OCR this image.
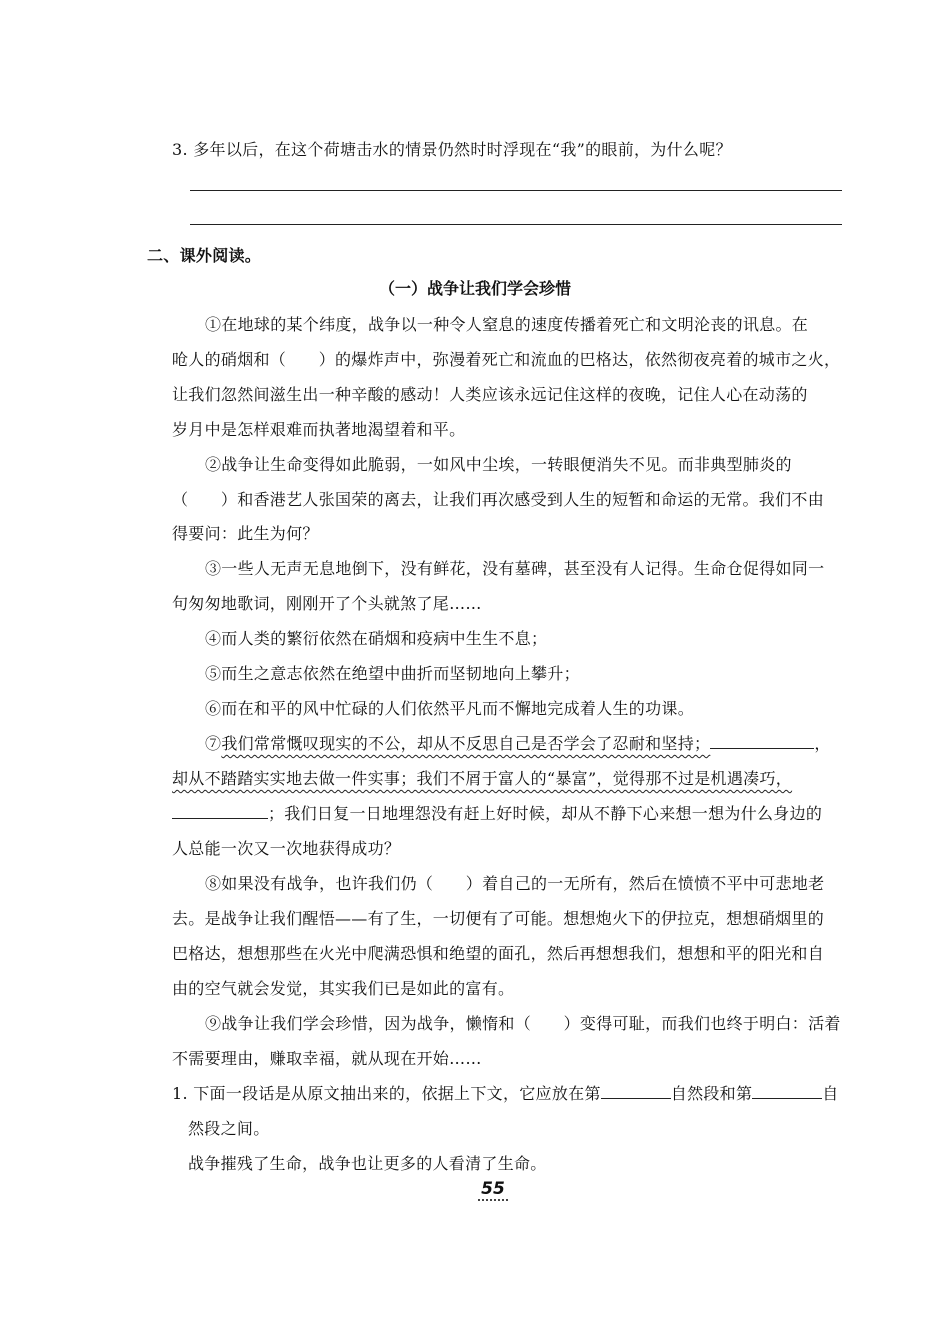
3. 多年以后，在这个荷塘击水的情景仍然时时浮现在“我”的眼前，为什么呢？
二、课外阅读。
（一）战争让我们学会珍惜
①在地球的某个纬度，战争以一种令人窒息的速度传播着死亡和文明沦丧的讯息。在
呛人的硝烟和（　　）的爆炸声中，弥漫着死亡和流血的巴格达，依然彻夜亮着的城市之火，
让我们忽然间滋生出一种辛酸的感动！人类应该永远记住这样的夜晚，记住人心在动荡的
岁月中是怎样艰难而执著地渴望着和平。
②战争让生命变得如此脆弱，一如风中尘埃，一转眼便消失不见。而非典型肺炎的
（　　）和香港艺人张国荣的离去，让我们再次感受到人生的短暂和命运的无常。我们不由
得要问：此生为何？
③一些人无声无息地倒下，没有鲜花，没有墓碑，甚至没有人记得。生命仓促得如同一
句匆匆地歌词，刚刚开了个头就煞了尾……
④而人类的繁衍依然在硝烟和疫病中生生不息；
⑤而生之意志依然在绝望中曲折而坚韧地向上攀升；
⑥而在和平的风中忙碌的人们依然平凡而不懈地完成着人生的功课。
⑦我们常常慨叹现实的不公，却从不反思自己是否学会了忍耐和坚持；	，
却从不踏踏实实地去做一件实事；我们不屑于富人的“暴富”，觉得那不过是机遇凑巧，
；我们日复一日地埋怨没有赶上好时候，却从不静下心来想一想为什么身边的
人总能一次又一次地获得成功？
⑧如果没有战争，也许我们仍（　　）着自己的一无所有，然后在愤愤不平中可悲地老
去。是战争让我们醒悟——有了生，一切便有了可能。想想炮火下的伊拉克，想想硝烟里的
巴格达，想想那些在火光中爬满恐惧和绝望的面孔，然后再想想我们，想想和平的阳光和自
由的空气就会发觉，其实我们已是如此的富有。
⑨战争让我们学会珍惜，因为战争，懒惰和（　　）变得可耻，而我们也终于明白：活着
不需要理由，赚取幸福，就从现在开始……
1. 下面一段话是从原文抽出来的，依据上下文，它应放在第	自然段和第	自
然段之间。
战争摧残了生命，战争也让更多的人看清了生命。
55
